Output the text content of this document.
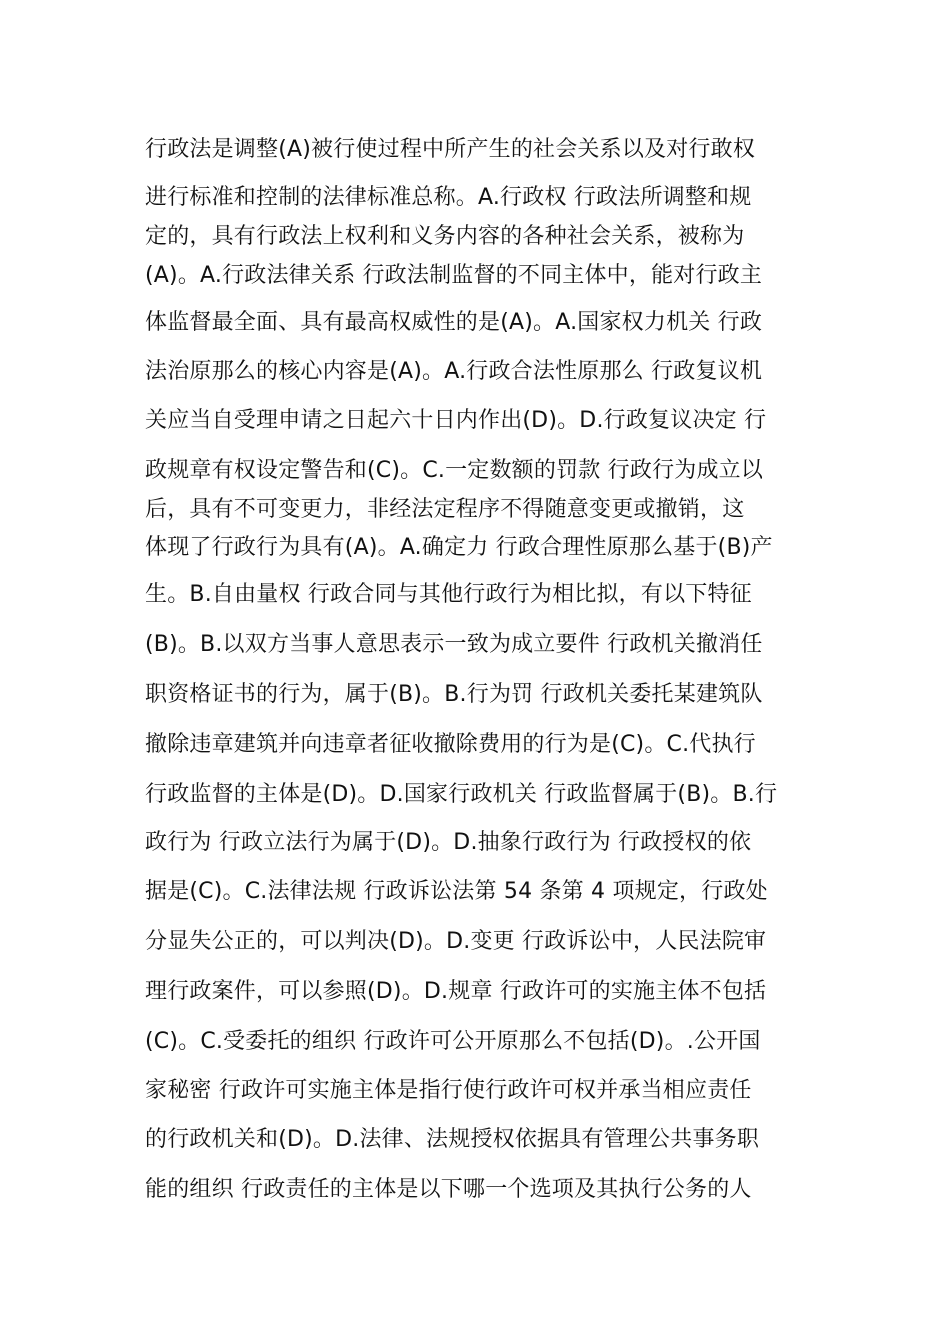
行政法是调整(A)被行使过程中所产生的社会关系以及对行敢权
进行标准和控制的法律标准总称。A.行政权 行政法所调整和规
定的，具有行政法上权利和义务内容的各种社会关系，被称为
(A)。A.行政法律关系 行政法制监督的不同主体中，能对行政主
体监督最全面、具有最高权威性的是(A)。A.国家权力机关 行政
法治原那么的核心内容是(A)。A.行政合法性原那么 行政复议机
关应当自受理申请之日起六十日内作出(D)。D.行政复议决定 行
政规章有权设定警告和(C)。C.一定数额的罚款 行政行为成立以
后，具有不可变更力，非经法定程序不得随意变更或撤销，这
体现了行政行为具有(A)。A.确定力 行政合理性原那么基于(B)产
生。B.自由量权 行政合同与其他行政行为相比拟，有以下特征
(B)。B.以双方当事人意思表示一致为成立要件 行政机关撤消任
职资格证书的行为，属于(B)。B.行为罚 行政机关委托某建筑队
撤除违章建筑并向违章者征收撤除费用的行为是(C)。C.代执行
行政监督的主体是(D)。D.国家行政机关 行政监督属于(B)。B.行
政行为 行政立法行为属于(D)。D.抽象行政行为 行政授权的依
据是(C)。C.法律法规 行政诉讼法第 54 条第 4 项规定，行政处
分显失公正的，可以判决(D)。D.变更 行政诉讼中，人民法院审
理行政案件，可以参照(D)。D.规章 行政许可的实施主体不包括
(C)。C.受委托的组织 行政许可公开原那么不包括(D)。.公开国
家秘密 行政许可实施主体是指行使行政许可权并承当相应责任
的行政机关和(D)。D.法律、法规授权依据具有管理公共事务职
能的组织 行政责任的主体是以下哪一个选项及其执行公务的人
